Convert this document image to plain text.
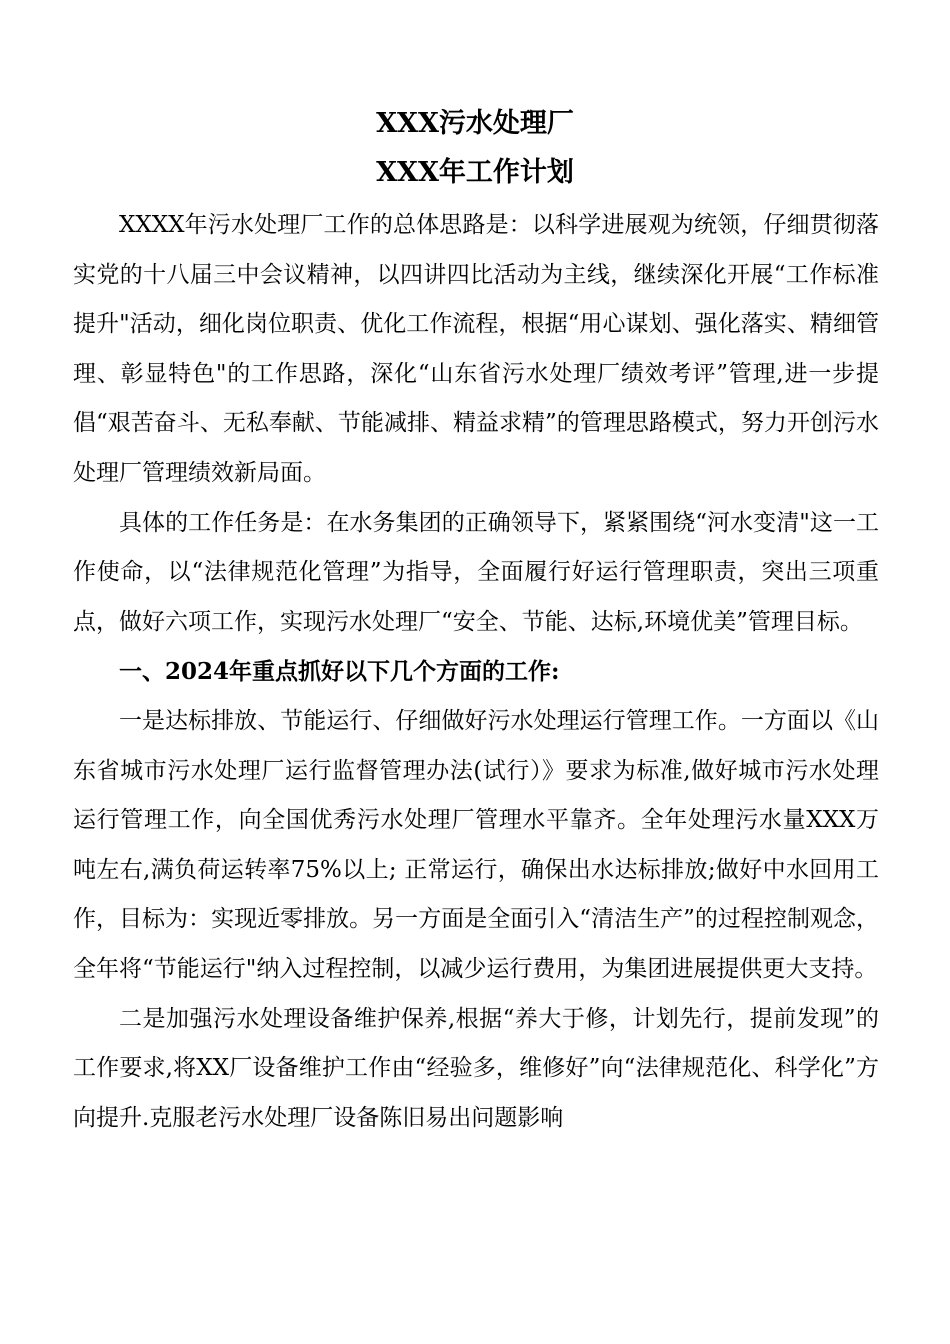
XXX污水处理厂
XXX年工作计划

XXXX年污水处理厂工作的总体思路是：以科学进展观为统领，仔细贯彻落实党的十八届三中会议精神，以四讲四比活动为主线，继续深化开展“工作标准提升"活动，细化岗位职责、优化工作流程，根据“用心谋划、强化落实、精细管理、彰显特色"的工作思路，深化“山东省污水处理厂绩效考评”管理,进一步提倡“艰苦奋斗、无私奉献、节能减排、精益求精”的管理思路模式，努力开创污水处理厂管理绩效新局面。

具体的工作任务是：在水务集团的正确领导下，紧紧围绕“河水变清"这一工作使命，以“法律规范化管理”为指导，全面履行好运行管理职责，突出三项重点，做好六项工作，实现污水处理厂“安全、节能、达标,环境优美”管理目标。

一、2024年重点抓好以下几个方面的工作:

一是达标排放、节能运行、仔细做好污水处理运行管理工作。一方面以《山东省城市污水处理厂运行监督管理办法(试行）》要求为标准,做好城市污水处理运行管理工作，向全国优秀污水处理厂管理水平靠齐。全年处理污水量XXX万吨左右,满负荷运转率75%以上; 正常运行，确保出水达标排放;做好中水回用工作，目标为：实现近零排放。另一方面是全面引入“清洁生产”的过程控制观念，全年将“节能运行"纳入过程控制，以减少运行费用，为集团进展提供更大支持。

二是加强污水处理设备维护保养,根据“养大于修，计划先行，提前发现”的工作要求,将XX厂设备维护工作由“经验多，维修好”向“法律规范化、科学化”方向提升.克服老污水处理厂设备陈旧易出问题影响
